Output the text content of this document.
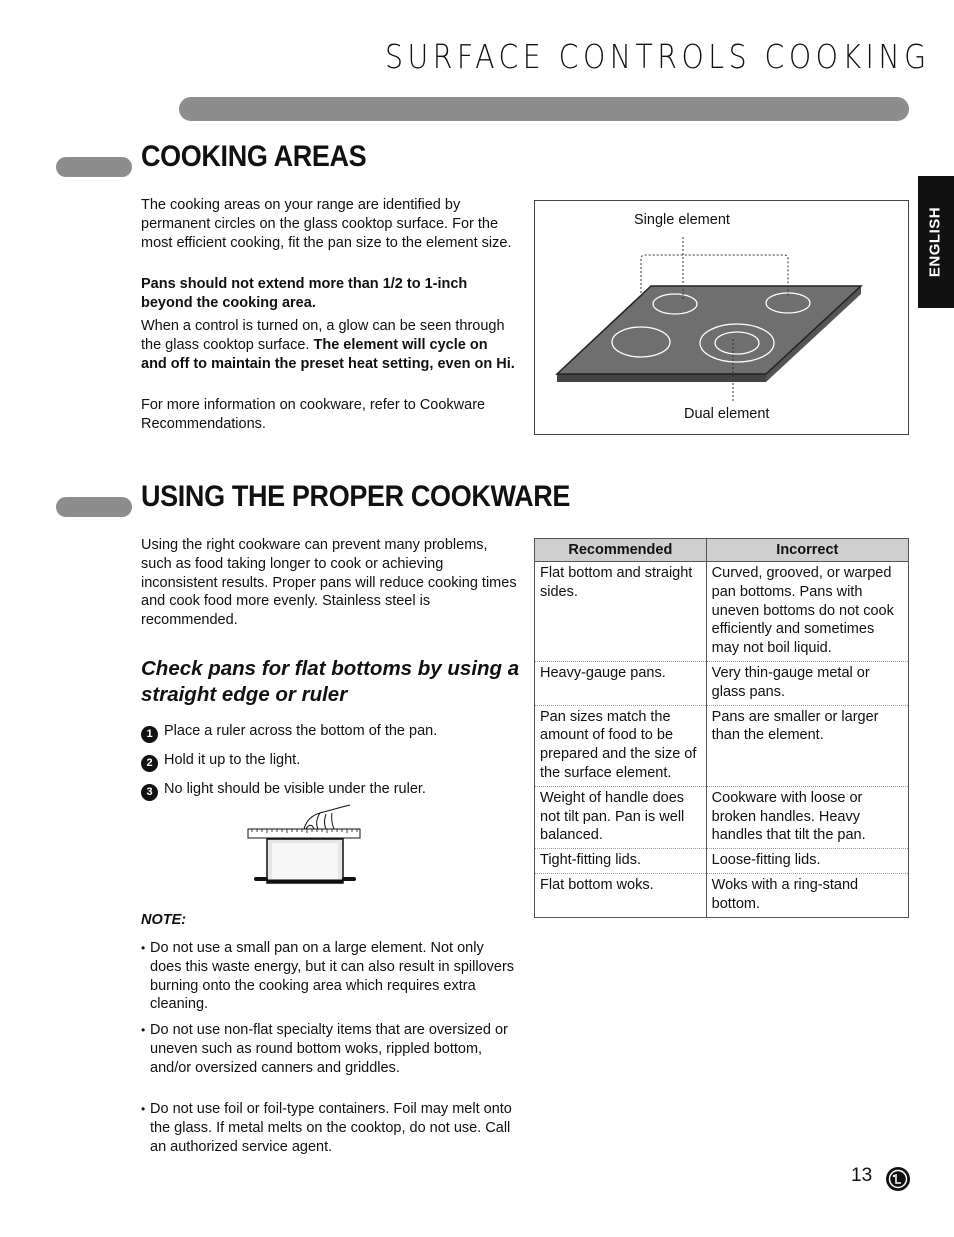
SURFACE CONTROLS COOKING
ENGLISH
COOKING AREAS

The cooking areas on your range are identified by permanent circles on the glass cooktop surface. For the most efficient cooking, fit the pan size to the element size.

Pans should not extend more than 1/2 to 1-inch beyond the cooking area.

When a control is turned on, a glow can be seen through the glass cooktop surface. The element will cycle on and off to maintain the preset heat setting, even on Hi.

For more information on cookware, refer to Cookware Recommendations.

Single element
Dual element
USING THE PROPER COOKWARE

Using the right cookware can prevent many problems, such as food taking longer to cook or achieving inconsistent results. Proper pans will reduce cooking times and cook food more evenly. Stainless steel is recommended.

Check pans for flat bottoms by using a straight edge or ruler
1 Place a ruler across the bottom of the pan.
2 Hold it up to the light.
3 No light should be visible under the ruler.
NOTE:
• Do not use a small pan on a large element. Not only does this waste energy, but it can also result in spillovers burning onto the cooking area which requires extra cleaning.
• Do not use non-flat specialty items that are oversized or uneven such as round bottom woks, rippled bottom, and/or oversized canners and griddles.
• Do not use foil or foil-type containers. Foil may melt onto the glass. If metal melts on the cooktop, do not use. Call an authorized service agent.
Recommended	Incorrect
Flat bottom and straight sides.	Curved, grooved, or warped pan bottoms. Pans with uneven bottoms do not cook efficiently and sometimes may not boil liquid.
Heavy-gauge pans.	Very thin-gauge metal or glass pans.
Pan sizes match the amount of food to be prepared and the size of the surface element.	Pans are smaller or larger than the element.
Weight of handle does not tilt pan. Pan is well balanced.	Cookware with loose or broken handles. Heavy handles that tilt the pan.
Tight-fitting lids.	Loose-fitting lids.
Flat bottom woks.	Woks with a ring-stand bottom.
13
